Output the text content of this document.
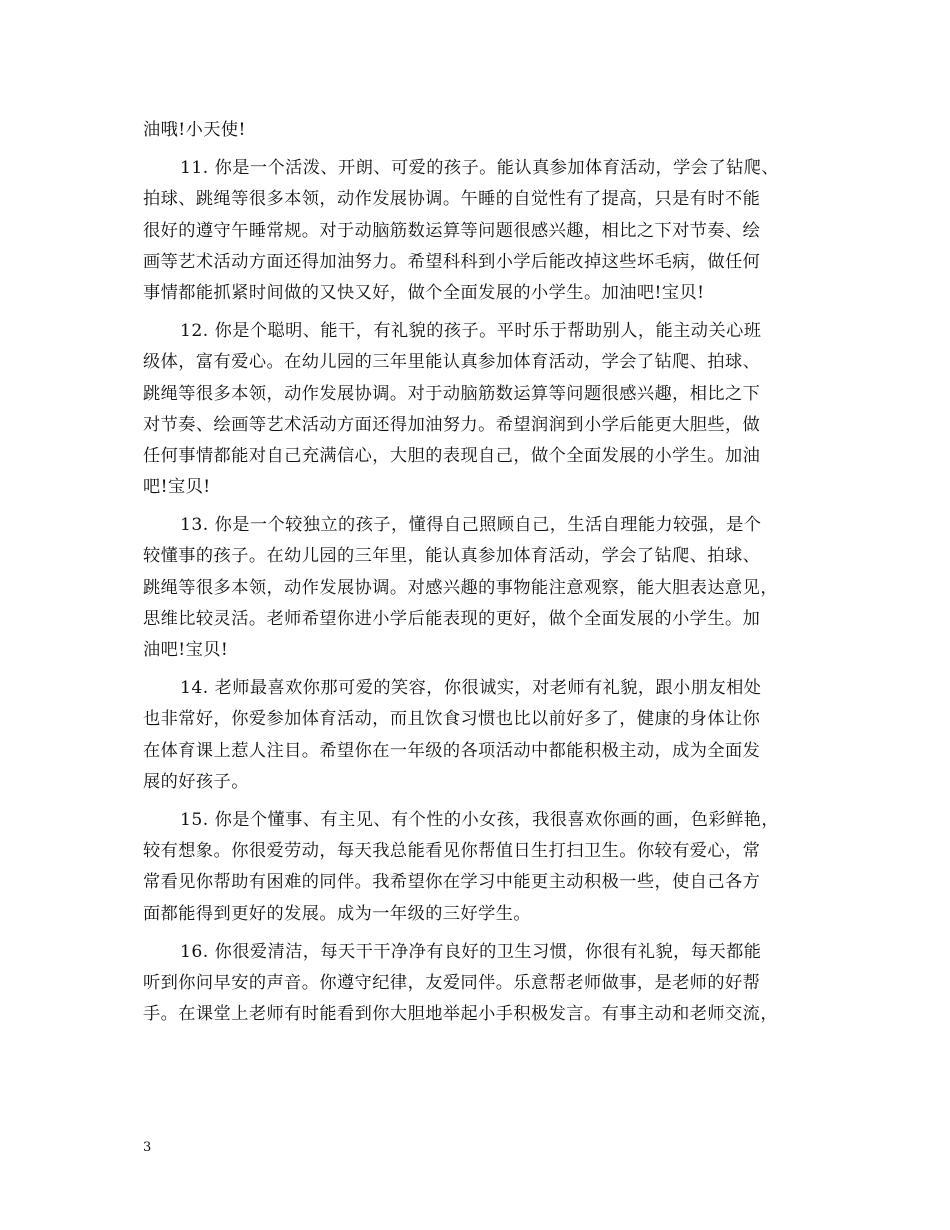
油哦!小天使!
11. 你是一个活泼、开朗、可爱的孩子。能认真参加体育活动，学会了钻爬、
拍球、跳绳等很多本领，动作发展协调。午睡的自觉性有了提高，只是有时不能
很好的遵守午睡常规。对于动脑筋数运算等问题很感兴趣，相比之下对节奏、绘
画等艺术活动方面还得加油努力。希望科科到小学后能改掉这些坏毛病，做任何
事情都能抓紧时间做的又快又好，做个全面发展的小学生。加油吧!宝贝!
12. 你是个聪明、能干，有礼貌的孩子。平时乐于帮助别人，能主动关心班
级体，富有爱心。在幼儿园的三年里能认真参加体育活动，学会了钻爬、拍球、
跳绳等很多本领，动作发展协调。对于动脑筋数运算等问题很感兴趣，相比之下
对节奏、绘画等艺术活动方面还得加油努力。希望润润到小学后能更大胆些，做
任何事情都能对自己充满信心，大胆的表现自己，做个全面发展的小学生。加油
吧!宝贝!
13. 你是一个较独立的孩子，懂得自己照顾自己，生活自理能力较强，是个
较懂事的孩子。在幼儿园的三年里，能认真参加体育活动，学会了钻爬、拍球、
跳绳等很多本领，动作发展协调。对感兴趣的事物能注意观察，能大胆表达意见，
思维比较灵活。老师希望你进小学后能表现的更好，做个全面发展的小学生。加
油吧!宝贝!
14. 老师最喜欢你那可爱的笑容，你很诚实，对老师有礼貌，跟小朋友相处
也非常好，你爱参加体育活动，而且饮食习惯也比以前好多了，健康的身体让你
在体育课上惹人注目。希望你在一年级的各项活动中都能积极主动，成为全面发
展的好孩子。
15. 你是个懂事、有主见、有个性的小女孩，我很喜欢你画的画，色彩鲜艳，
较有想象。你很爱劳动，每天我总能看见你帮值日生打扫卫生。你较有爱心，常
常看见你帮助有困难的同伴。我希望你在学习中能更主动积极一些，使自己各方
面都能得到更好的发展。成为一年级的三好学生。
16. 你很爱清洁，每天干干净净有良好的卫生习惯，你很有礼貌，每天都能
听到你问早安的声音。你遵守纪律，友爱同伴。乐意帮老师做事，是老师的好帮
手。在课堂上老师有时能看到你大胆地举起小手积极发言。有事主动和老师交流，
3
